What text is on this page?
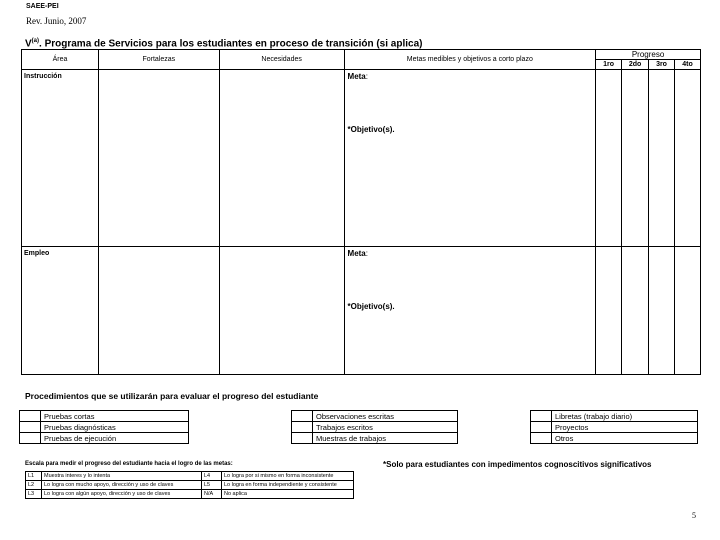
SAEE-PEI
Rev. Junio, 2007
$V^{(a)}$. Programa de Servicios para los estudiantes en proceso de transición (si aplica)
Área	Fortalezas	Necesidades	Metas medibles y objetivos a corto plazo	Progreso			
				1ro	2do	3ro	4to
Instrucción			Meta:
*Objetivo(s).				

Empleo			Meta:
*Objetivo(s).				

Procedimientos que se utilizarán para evaluar el progreso del estudiante
	Pruebas cortas
	Pruebas diagnósticas
	Pruebas de ejecución
	Observaciones escritas
	Trabajos escritos
	Muestras de trabajos
	Libretas (trabajo diario)
	Proyectos
	Otros
Escala para medir el progreso del estudiante hacia el logro de las metas:	*Solo para estudiantes con impedimentos cognoscitivos significativos
L1	Muestra interes y lo intenta	L4	Lo logra por si mismo en forma inconsistente
L2	Lo logra con mucho apoyo, dirección y uso de claves	L5	Lo logra en forma independiente y consistente
L3	Lo logra con algún apoyo, dirección y uso de claves	N/A	No aplica
5
